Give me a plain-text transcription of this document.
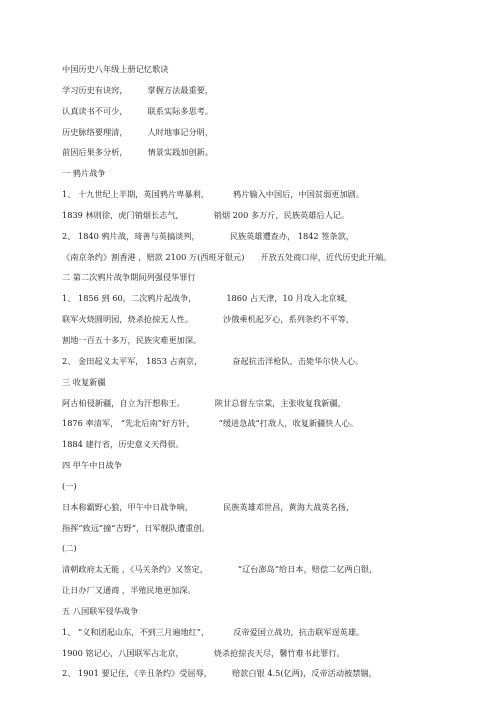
中国历史八年级上册记忆歌诀
学习历史有诀窍， 掌握方法最重要，
认真读书不可少， 联系实际多思考。
历史脉络要理清， 人时地事记分明，
前因后果多分析， 情景实践加创新。
一 鸦片战争
1、 十九世纪上半期，英国鸦片卑暴利，	鸦片输入中国后，中国贫弱更加剧。
1839 林则徐，虎门销烟长志气，	销烟 200 多万斤，民族英雄后人记。
2、 1840 鸦片战，琦善与英搞谈判，	民族英雄遭查办， 1842 签条款，
《南京条约》割香港 ，赔款 2100 万(西班牙银元) 开放五处商口岸，近代历史此开端。
二 第二次鸦片战争期间列强侵华罪行
1、 1856 到 60，二次鸦片起战争，	1860 占天津，10 月攻入北京城，
联军火烧圆明园，烧杀抢掠无人性。	沙俄乘机起歹心，系列条约不平等，
割地一百五十多万，民族灾难更加深。
2、 金田起义太平军， 1853 占南京，	奋起抗击洋枪队，击毙华尔快人心。
三 收复新疆
阿古柏侵新疆，自立为汗想称王。	陕甘总督左宗棠，主张收复我新疆，
1876 率清军， “先北后南”好方针，	“缓进急战”打敌人，收复新疆快人心。
1884 建行省，历史意义天得很。
四 甲午中日战争
(一)
日本称霸野心狼，甲午中日战争响，	民族英雄邓世昌，黄海大战英名扬，
指挥“致远”撞“吉野”，日军舰队遭重创。
(二)
清朝政府太无能 ，《马关条约》又签定，	“辽台澎岛”给日本，赔偿二亿两白银，
让日办厂又通商 ，半殖民地更加深。
五 八国联军侵华战争
1、 “义和团起山东，不到三月遍地红”，	反帝爱国立战功，抗击联军逞英雄。
1900 铭记心，八国联军占北京，	烧杀抢掠丧天尽，馨竹难书此罪行。
2、 1901 要记住，《辛丑条约》受屈辱， 赔款白银 4.5(亿两)，反帝活动被禁锢，
